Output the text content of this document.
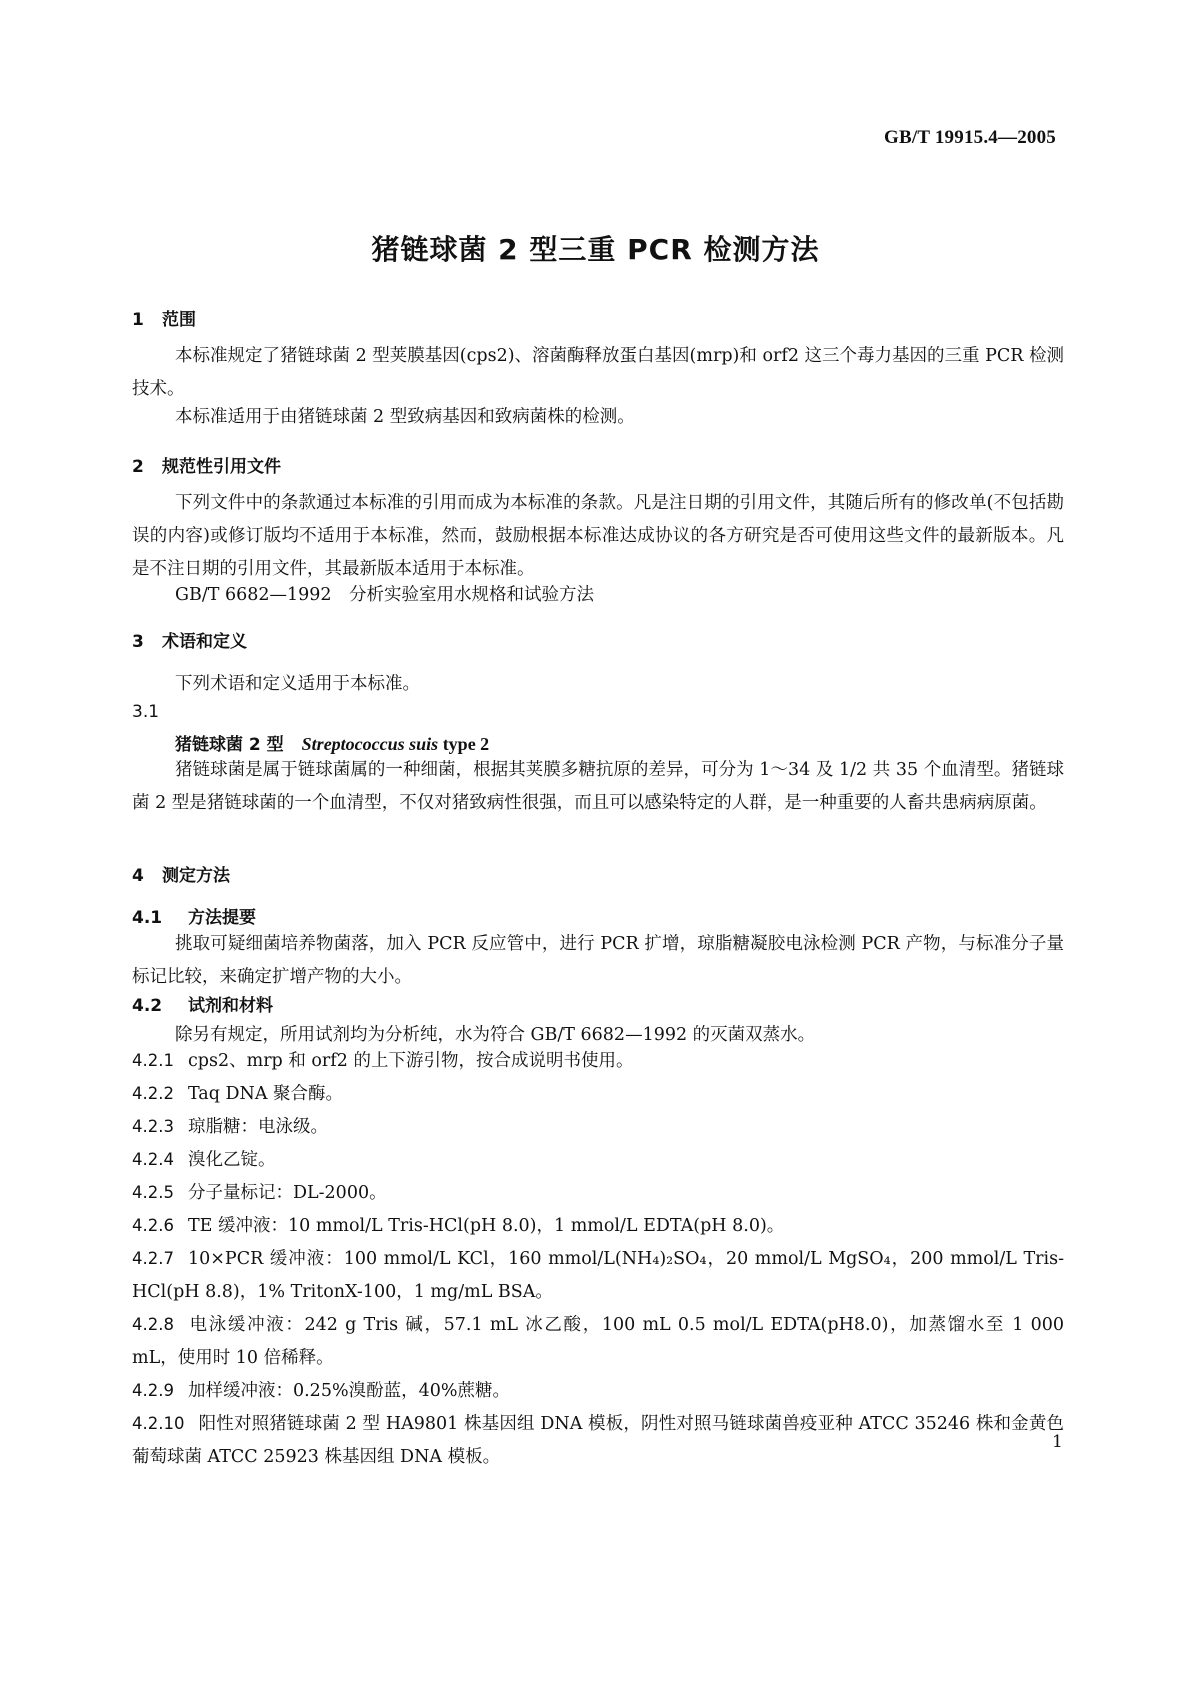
GB/T 19915.4—2005
猪链球菌 2 型三重 PCR 检测方法
1 范围
本标准规定了猪链球菌 2 型荚膜基因(cps2)、溶菌酶释放蛋白基因(mrp)和 orf2 这三个毒力基因的三重 PCR 检测技术。
本标准适用于由猪链球菌 2 型致病基因和致病菌株的检测。
2 规范性引用文件
下列文件中的条款通过本标准的引用而成为本标准的条款。凡是注日期的引用文件，其随后所有的修改单(不包括勘误的内容)或修订版均不适用于本标准，然而，鼓励根据本标准达成协议的各方研究是否可使用这些文件的最新版本。凡是不注日期的引用文件，其最新版本适用于本标准。
GB/T 6682—1992　分析实验室用水规格和试验方法
3 术语和定义
下列术语和定义适用于本标准。
3.1
猪链球菌 2 型 Streptococcus suis type 2
猪链球菌是属于链球菌属的一种细菌，根据其荚膜多糖抗原的差异，可分为 1～34 及 1/2 共 35 个血清型。猪链球菌 2 型是猪链球菌的一个血清型，不仅对猪致病性很强，而且可以感染特定的人群，是一种重要的人畜共患病病原菌。
4 测定方法
4.1 方法提要
挑取可疑细菌培养物菌落，加入 PCR 反应管中，进行 PCR 扩增，琼脂糖凝胶电泳检测 PCR 产物，与标准分子量标记比较，来确定扩增产物的大小。
4.2 试剂和材料
除另有规定，所用试剂均为分析纯，水为符合 GB/T 6682—1992 的灭菌双蒸水。
4.2.1 cps2、mrp 和 orf2 的上下游引物，按合成说明书使用。
4.2.2 Taq DNA 聚合酶。
4.2.3 琼脂糖：电泳级。
4.2.4 溴化乙锭。
4.2.5 分子量标记：DL-2000。
4.2.6 TE 缓冲液：10 mmol/L Tris-HCl(pH 8.0)，1 mmol/L EDTA(pH 8.0)。
4.2.7 10×PCR 缓冲液：100 mmol/L KCl，160 mmol/L(NH₄)₂SO₄，20 mmol/L MgSO₄，200 mmol/L Tris-HCl(pH 8.8)，1% TritonX-100，1 mg/mL BSA。
4.2.8 电泳缓冲液：242 g Tris 碱，57.1 mL 冰乙酸，100 mL 0.5 mol/L EDTA(pH8.0)，加蒸馏水至 1 000 mL，使用时 10 倍稀释。
4.2.9 加样缓冲液：0.25%溴酚蓝，40%蔗糖。
4.2.10 阳性对照猪链球菌 2 型 HA9801 株基因组 DNA 模板，阴性对照马链球菌兽疫亚种 ATCC 35246 株和金黄色葡萄球菌 ATCC 25923 株基因组 DNA 模板。
1
